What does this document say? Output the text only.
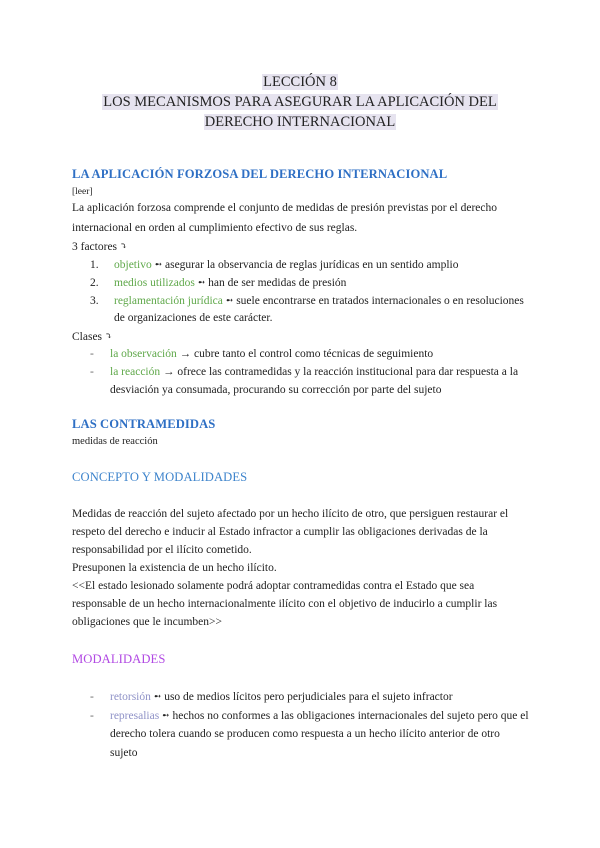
LECCIÓN 8
LOS MECANISMOS PARA ASEGURAR LA APLICACIÓN DEL
DERECHO INTERNACIONAL
LA APLICACIÓN FORZOSA DEL DERECHO INTERNACIONAL
[leer]
La aplicación forzosa comprende el conjunto de medidas de presión previstas por el derecho
internacional en orden al cumplimiento efectivo de sus reglas.
3 factores ⤵
1. objetivo ➻ asegurar la observancia de reglas jurídicas en un sentido amplio
2. medios utilizados ➻ han de ser medidas de presión
3. reglamentación jurídica ➻ suele encontrarse en tratados internacionales o en resoluciones
de organizaciones de este carácter.
Clases ⤵
- la observación → cubre tanto el control como técnicas de seguimiento
- la reacción → ofrece las contramedidas y la reacción institucional para dar respuesta a la
desviación ya consumada, procurando su corrección por parte del sujeto
LAS CONTRAMEDIDAS
medidas de reacción
CONCEPTO Y MODALIDADES
Medidas de reacción del sujeto afectado por un hecho ilícito de otro, que persiguen restaurar el
respeto del derecho e inducir al Estado infractor a cumplir las obligaciones derivadas de la
responsabilidad por el ilícito cometido.
Presuponen la existencia de un hecho ilícito.
<<El estado lesionado solamente podrá adoptar contramedidas contra el Estado que sea
responsable de un hecho internacionalmente ilícito con el objetivo de inducirlo a cumplir las
obligaciones que le incumben>>
MODALIDADES
- retorsión ➻ uso de medios lícitos pero perjudiciales para el sujeto infractor
- represalias ➻ hechos no conformes a las obligaciones internacionales del sujeto pero que el
derecho tolera cuando se producen como respuesta a un hecho ilícito anterior de otro
sujeto
